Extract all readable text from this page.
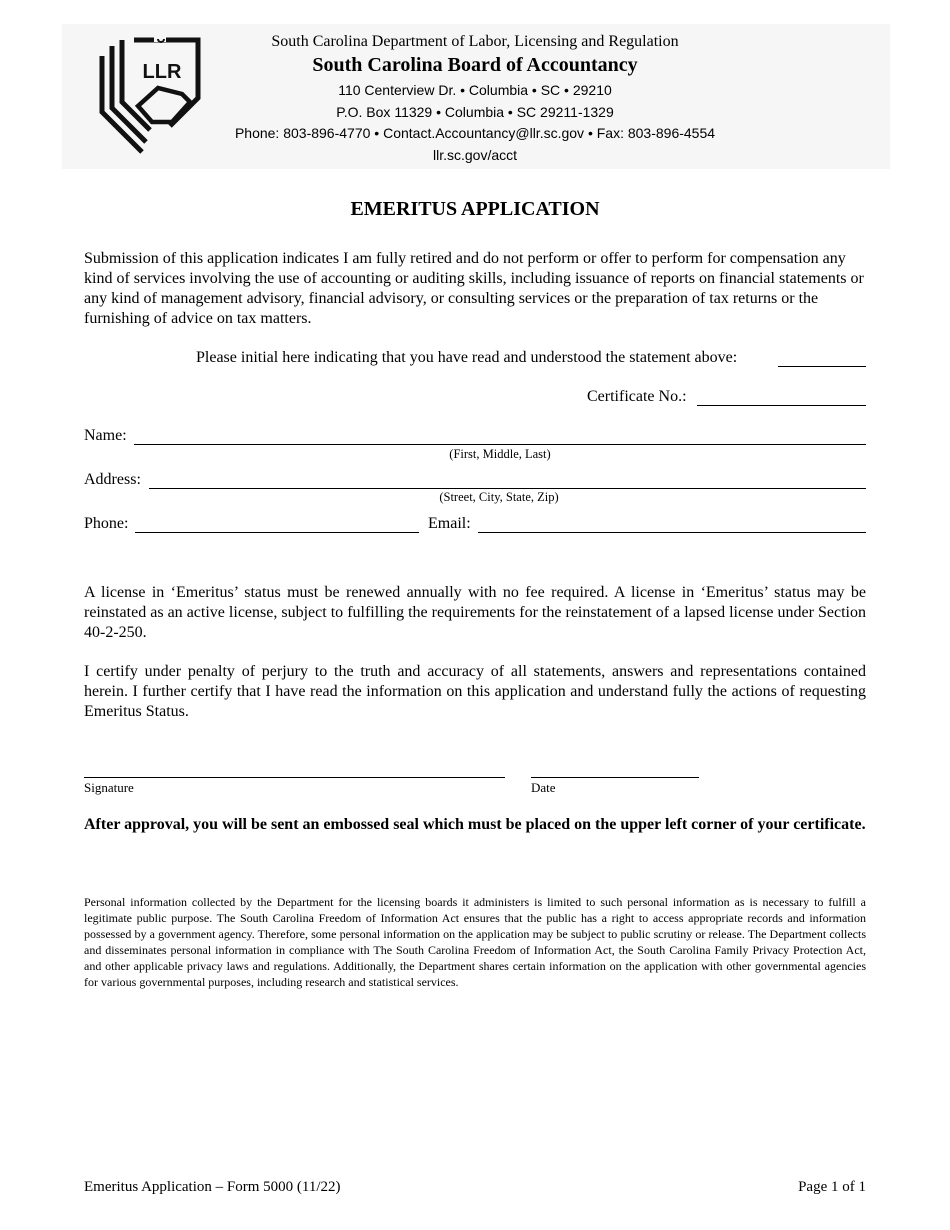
LLR
South Carolina Department of Labor, Licensing and Regulation
South Carolina Board of Accountancy
110 Centerview Dr. • Columbia • SC • 29210
P.O. Box 11329 • Columbia • SC 29211-1329
Phone: 803-896-4770 • Contact.Accountancy@llr.sc.gov • Fax: 803-896-4554
llr.sc.gov/acct
EMERITUS APPLICATION
Submission of this application indicates I am fully retired and do not perform or offer to perform for compensation any kind of services involving the use of accounting or auditing skills, including issuance of reports on financial statements or any kind of management advisory, financial advisory, or consulting services or the preparation of tax returns or the furnishing of advice on tax matters.
Please initial here indicating that you have read and understood the statement above:
Certificate No.:
Name:
(First, Middle, Last)
Address:
(Street, City, State, Zip)
Phone:	Email:
A license in ‘Emeritus’ status must be renewed annually with no fee required. A license in ‘Emeritus’ status may be reinstated as an active license, subject to fulfilling the requirements for the reinstatement of a lapsed license under Section 40-2-250.
I certify under penalty of perjury to the truth and accuracy of all statements, answers and representations contained herein. I further certify that I have read the information on this application and understand fully the actions of requesting Emeritus Status.
Signature	Date
After approval, you will be sent an embossed seal which must be placed on the upper left corner of your certificate.
Personal information collected by the Department for the licensing boards it administers is limited to such personal information as is necessary to fulfill a legitimate public purpose. The South Carolina Freedom of Information Act ensures that the public has a right to access appropriate records and information possessed by a government agency. Therefore, some personal information on the application may be subject to public scrutiny or release. The Department collects and disseminates personal information in compliance with The South Carolina Freedom of Information Act, the South Carolina Family Privacy Protection Act, and other applicable privacy laws and regulations. Additionally, the Department shares certain information on the application with other governmental agencies for various governmental purposes, including research and statistical services.
Emeritus Application – Form 5000 (11/22)	Page 1 of 1
